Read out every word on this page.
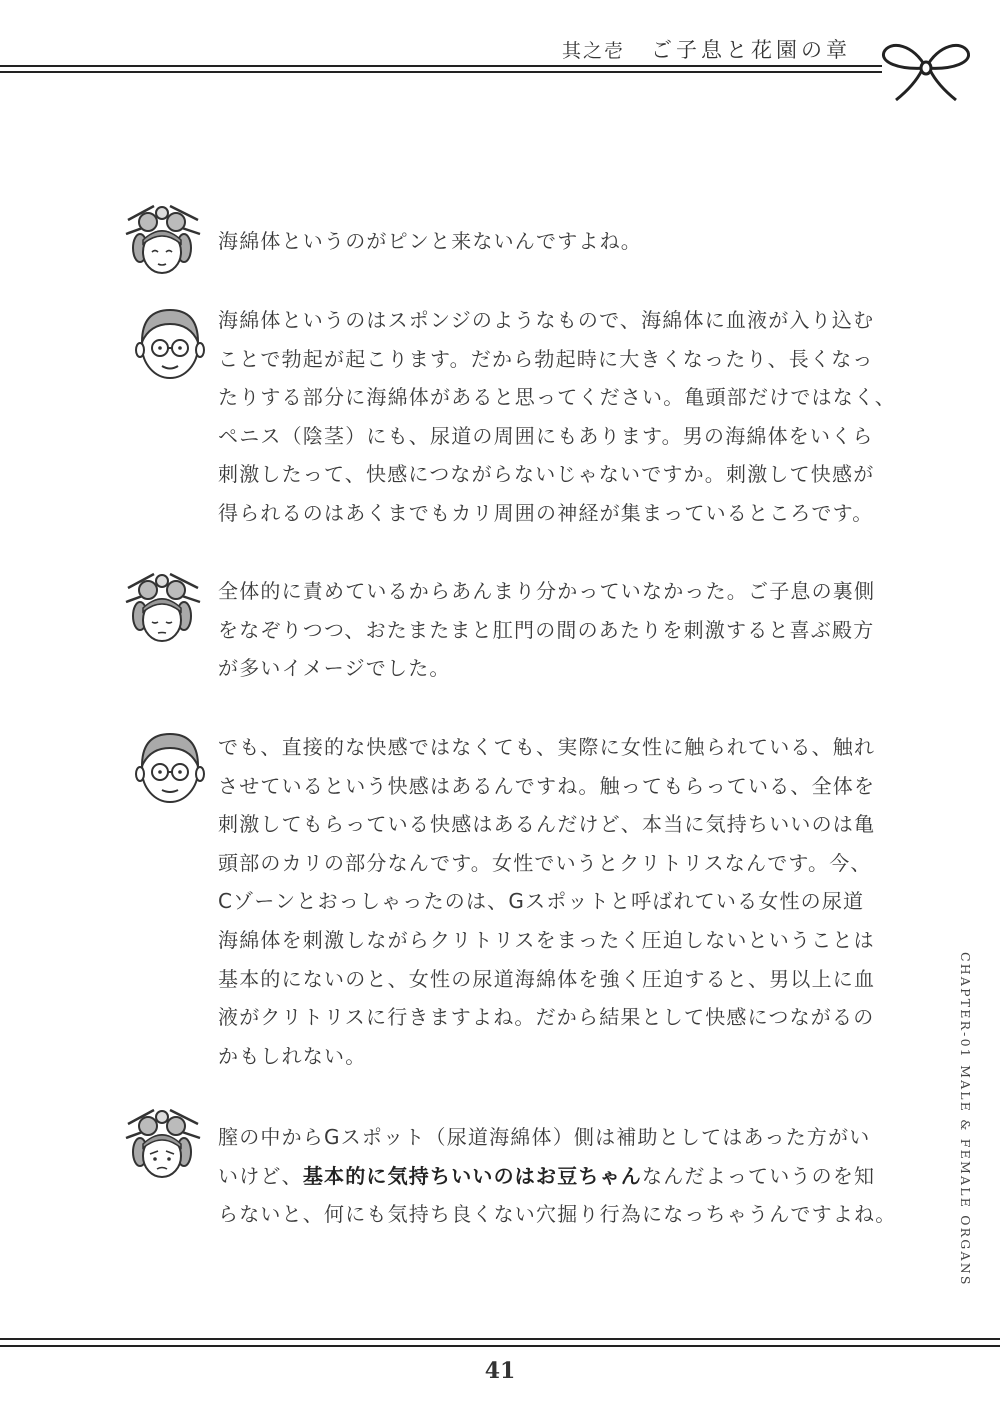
其之壱 ご子息と花園の章
海綿体というのがピンと来ないんですよね。
海綿体というのはスポンジのようなもので、海綿体に血液が入り込む
ことで勃起が起こります。だから勃起時に大きくなったり、長くなっ
たりする部分に海綿体があると思ってください。亀頭部だけではなく、
ペニス（陰茎）にも、尿道の周囲にもあります。男の海綿体をいくら
刺激したって、快感につながらないじゃないですか。刺激して快感が
得られるのはあくまでもカリ周囲の神経が集まっているところです。
全体的に責めているからあんまり分かっていなかった。ご子息の裏側
をなぞりつつ、おたまたまと肛門の間のあたりを刺激すると喜ぶ殿方
が多いイメージでした。
でも、直接的な快感ではなくても、実際に女性に触られている、触れ
させているという快感はあるんですね。触ってもらっている、全体を
刺激してもらっている快感はあるんだけど、本当に気持ちいいのは亀
頭部のカリの部分なんです。女性でいうとクリトリスなんです。今、
Cゾーンとおっしゃったのは、Gスポットと呼ばれている女性の尿道
海綿体を刺激しながらクリトリスをまったく圧迫しないということは
基本的にないのと、女性の尿道海綿体を強く圧迫すると、男以上に血
液がクリトリスに行きますよね。だから結果として快感につながるの
かもしれない。
膣の中からGスポット（尿道海綿体）側は補助としてはあった方がい
いけど、基本的に気持ちいいのはお豆ちゃんなんだよっていうのを知
らないと、何にも気持ち良くない穴掘り行為になっちゃうんですよね。	CHAPTER-01 MALE & FEMALE ORGANS
41
